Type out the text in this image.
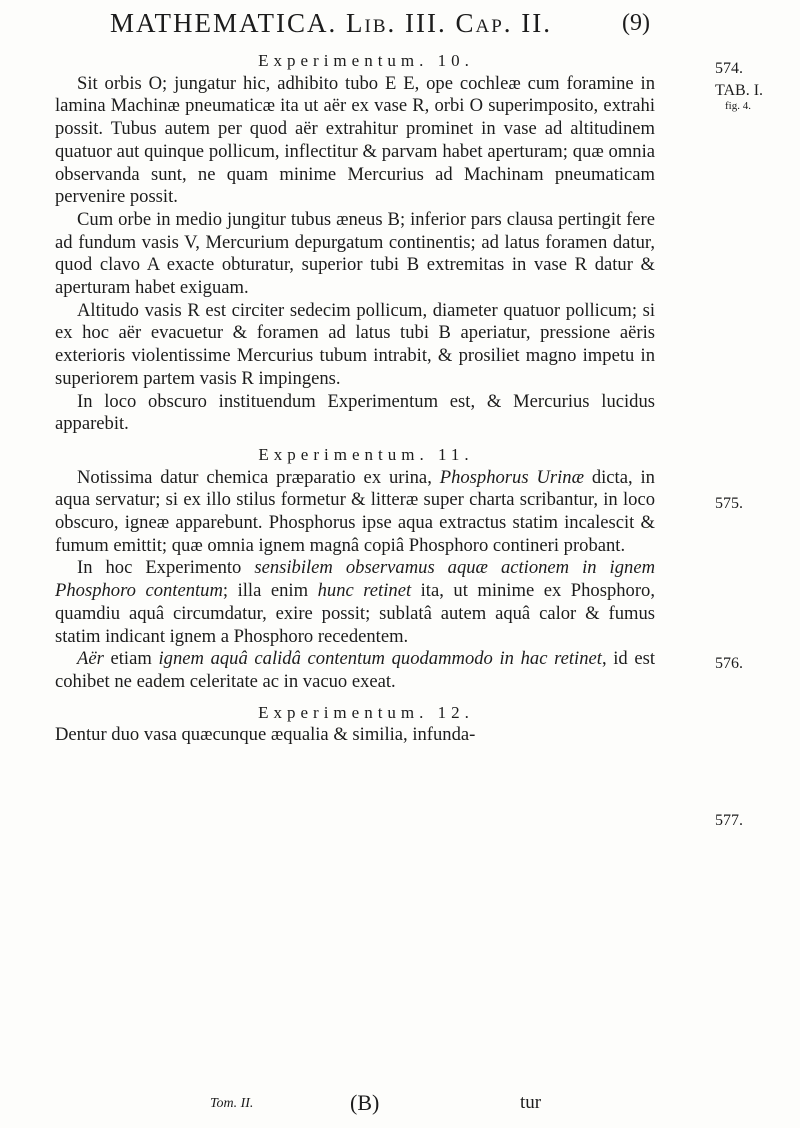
MATHEMATICA. Lib. III. Cap. II.	(9)

Experimentum. 10.

Sit orbis O; jungatur hic, adhibito tubo E E, ope cochleæ cum foramine in lamina Machinæ pneumaticæ ita ut aër ex vase R, orbi O superimposito, extrahi possit. Tubus autem per quod aër extrahitur prominet in vase ad altitudinem quatuor aut quinque pollicum, inflectitur & parvam habet aperturam; quæ omnia observanda sunt, ne quam minime Mercurius ad Machinam pneumaticam pervenire possit.

Cum orbe in medio jungitur tubus æneus B; inferior pars clausa pertingit fere ad fundum vasis V, Mercurium depurgatum continentis; ad latus foramen datur, quod clavo A exacte obturatur, superior tubi B extremitas in vase R datur & aperturam habet exiguam.

Altitudo vasis R est circiter sedecim pollicum, diameter quatuor pollicum; si ex hoc aër evacuetur & foramen ad latus tubi B aperiatur, pressione aëris exterioris violentissime Mercurius tubum intrabit, & prosiliet magno impetu in superiorem partem vasis R impingens.

In loco obscuro instituendum Experimentum est, & Mercurius lucidus apparebit.

Experimentum. 11.

Notissima datur chemica præparatio ex urina, Phosphorus Urinæ dicta, in aqua servatur; si ex illo stilus formetur & litteræ super charta scribantur, in loco obscuro, igneæ apparebunt. Phosphorus ipse aqua extractus statim incalescit & fumum emittit; quæ omnia ignem magnâ copiâ Phosphoro contineri probant.

In hoc Experimento sensibilem observamus aquæ actionem in ignem Phosphoro contentum; illa enim hunc retinet ita, ut minime ex Phosphoro, quamdiu aquâ circumdatur, exire possit; sublatâ autem aquâ calor & fumus statim indicant ignem a Phosphoro recedentem.

Aër etiam ignem aquâ calidâ contentum quodammodo in hac retinet, id est cohibet ne eadem celeritate ac in vacuo exeat.

Experimentum. 12.

Dentur duo vasa quæcunque æqualia & similia, infunda-

574.
TAB. I.
fig. 4.
575.
576.
577.
Tom. II.	(B)	tur
